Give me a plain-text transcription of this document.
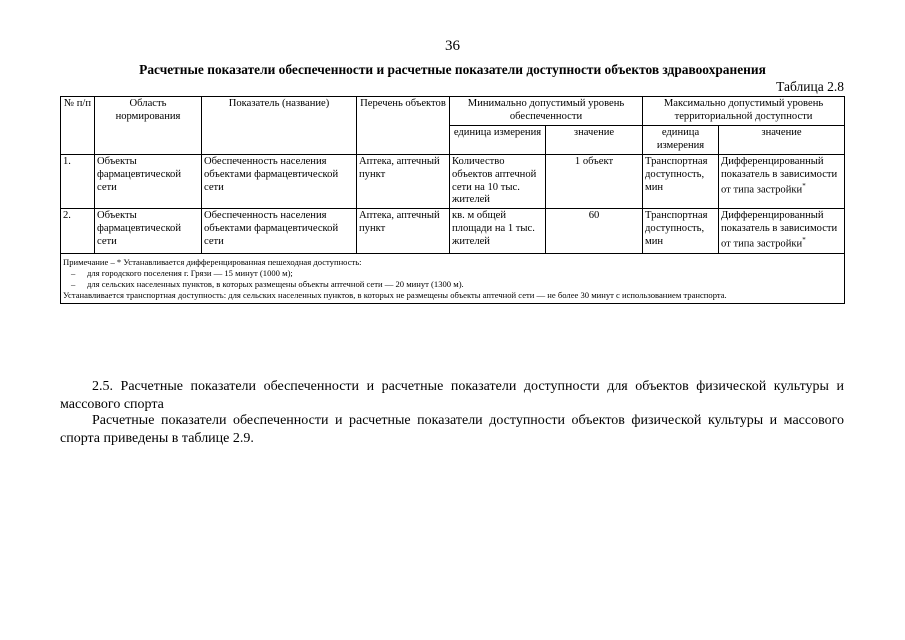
36
Расчетные показатели обеспеченности и расчетные показатели доступности объектов здравоохранения
Таблица 2.8
№ п/п	Область нормирования	Показатель (название)	Перечень объектов	Минимально допустимый уровень обеспеченности		Максимально допустимый уровень территориальной доступности	
				единица измерения	значение	единица измерения	значение
1.	Объекты фармацевтической сети	Обеспеченность населения объектами фармацевтической сети	Аптека, аптечный пункт	Количество объектов аптечной сети на 10 тыс. жителей	1 объект	Транспортная доступность, мин	Дифференцированный показатель в зависимости от типа застройки*
2.	Объекты фармацевтической сети	Обеспеченность населения объектами фармацевтической сети	Аптека, аптечный пункт	кв. м общей площади на 1 тыс. жителей	60	Транспортная доступность, мин	Дифференцированный показатель в зависимости от типа застройки*

Примечание – * Устанавливается дифференцированная пешеходная доступность:
– для городского поселения г. Грязи — 15 минут (1000 м);
– для сельских населенных пунктов, в которых размещены объекты аптечной сети — 20 минут (1300 м).
Устанавливается транспортная доступность: для сельских населенных пунктов, в которых не размещены объекты аптечной сети — не более 30 минут с использованием транспорта.							

2.5. Расчетные показатели обеспеченности и расчетные показатели доступности для объектов физической культуры и массового спорта

Расчетные показатели обеспеченности и расчетные показатели доступности объектов физической культуры и массового спорта приведены в таблице 2.9.
